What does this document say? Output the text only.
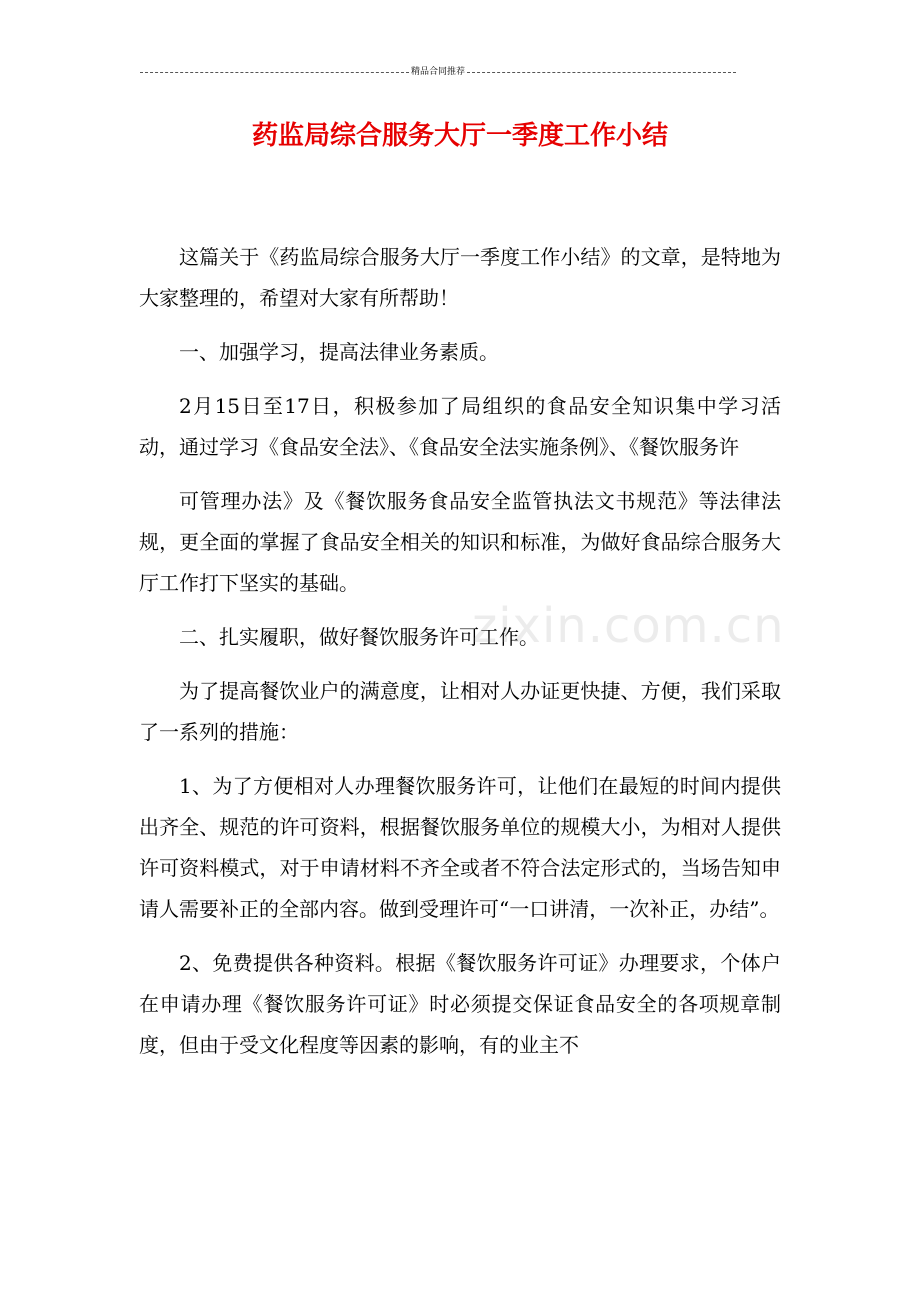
精品合同推荐
药监局综合服务大厅一季度工作小结

这篇关于《药监局综合服务大厅一季度工作小结》的文章，是特地为大家整理的，希望对大家有所帮助！

一、加强学习，提高法律业务素质。

2月15日至17日，积极参加了局组织的食品安全知识集中学习活动，通过学习《食品安全法》、《食品安全法实施条例》、《餐饮服务许

可管理办法》及《餐饮服务食品安全监管执法文书规范》等法律法规，更全面的掌握了食品安全相关的知识和标准，为做好食品综合服务大厅工作打下坚实的基础。

二、扎实履职，做好餐饮服务许可工作。

为了提高餐饮业户的满意度，让相对人办证更快捷、方便，我们采取了一系列的措施：

1、为了方便相对人办理餐饮服务许可，让他们在最短的时间内提供出齐全、规范的许可资料，根据餐饮服务单位的规模大小，为相对人提供许可资料模式，对于申请材料不齐全或者不符合法定形式的，当场告知申请人需要补正的全部内容。做到受理许可“一口讲清，一次补正，办结”。

2、免费提供各种资料。根据《餐饮服务许可证》办理要求，个体户在申请办理《餐饮服务许可证》时必须提交保证食品安全的各项规章制度，但由于受文化程度等因素的影响，有的业主不

zixin.com.cn
